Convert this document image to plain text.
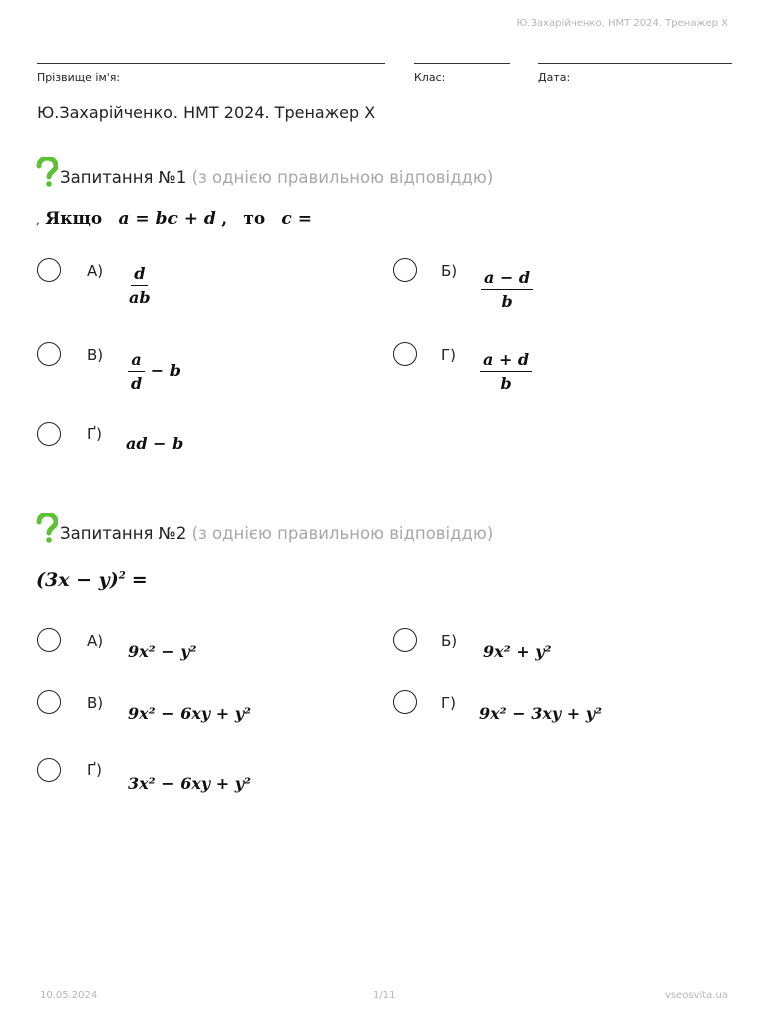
Ю.Захарійченко. НМТ 2024. Тренажер X
Прізвище ім'я:	Клас:	Дата:
Ю.Захарійченко. НМТ 2024. Тренажер X
Запитання №1 (з однією правильною відповіддю)
, Якщо a = bc + d , то c =
$А) \frac{d}{ab}$	$Б) \frac{a - d}{b}$
$В) \frac{a}{d} - b$
$Г) \frac{a + d}{b}$
Ґ) ad − b
Запитання №2 (з однією правильною відповіддю)
$(3x - y)^2$ =
А)
9x² − y²
Б)
9x² + y²
В)
9x² − 6xy + y²
Г)
9x² − 3xy + y²
Ґ)
3x² − 6xy + y²
10.05.2024	1/11	vseosvita.ua
